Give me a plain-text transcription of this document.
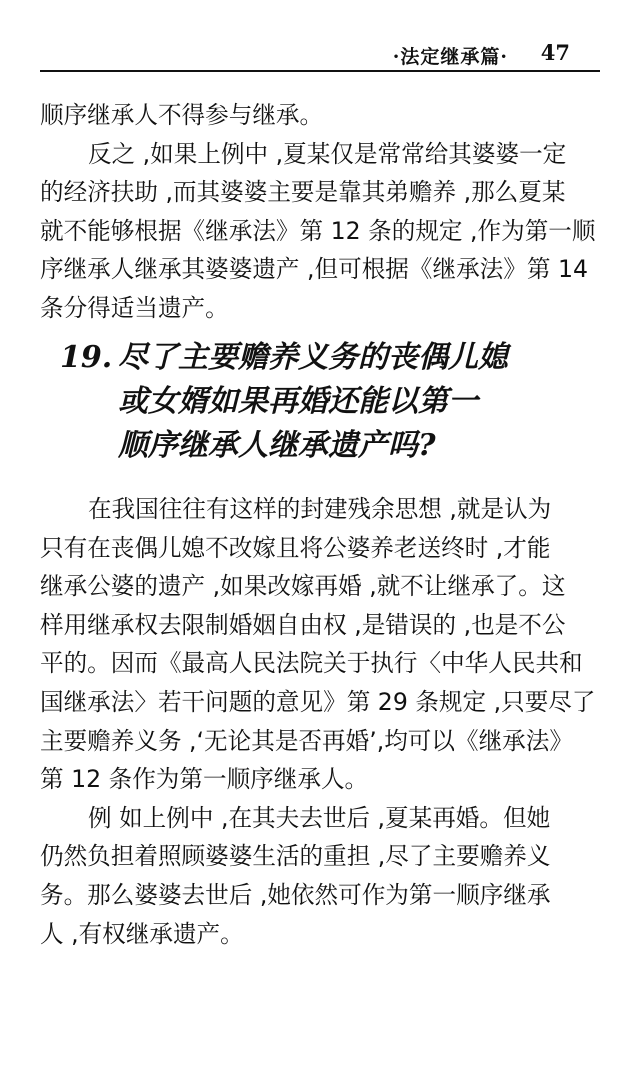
·法定继承篇· 47
顺序继承人不得参与继承。
反之 ,如果上例中 ,夏某仅是常常给其婆婆一定
的经济扶助 ,而其婆婆主要是靠其弟赡养 ,那么夏某
就不能够根据《继承法》第 12 条的规定 ,作为第一顺
序继承人继承其婆婆遗产 ,但可根据《继承法》第 14
条分得适当遗产。
19. 尽了主要赡养义务的丧偶儿媳
或女婿如果再婚还能以第一
顺序继承人继承遗产吗?
在我国往往有这样的封建残余思想 ,就是认为
只有在丧偶儿媳不改嫁且将公婆养老送终时 ,才能
继承公婆的遗产 ,如果改嫁再婚 ,就不让继承了。这
样用继承权去限制婚姻自由权 ,是错误的 ,也是不公
平的。因而《最高人民法院关于执行〈中华人民共和
国继承法〉若干问题的意见》第 29 条规定 ,只要尽了
主要赡养义务 ,‘无论其是否再婚’,均可以《继承法》
第 12 条作为第一顺序继承人。
例 如上例中 ,在其夫去世后 ,夏某再婚。但她
仍然负担着照顾婆婆生活的重担 ,尽了主要赡养义
务。那么婆婆去世后 ,她依然可作为第一顺序继承
人 ,有权继承遗产。
